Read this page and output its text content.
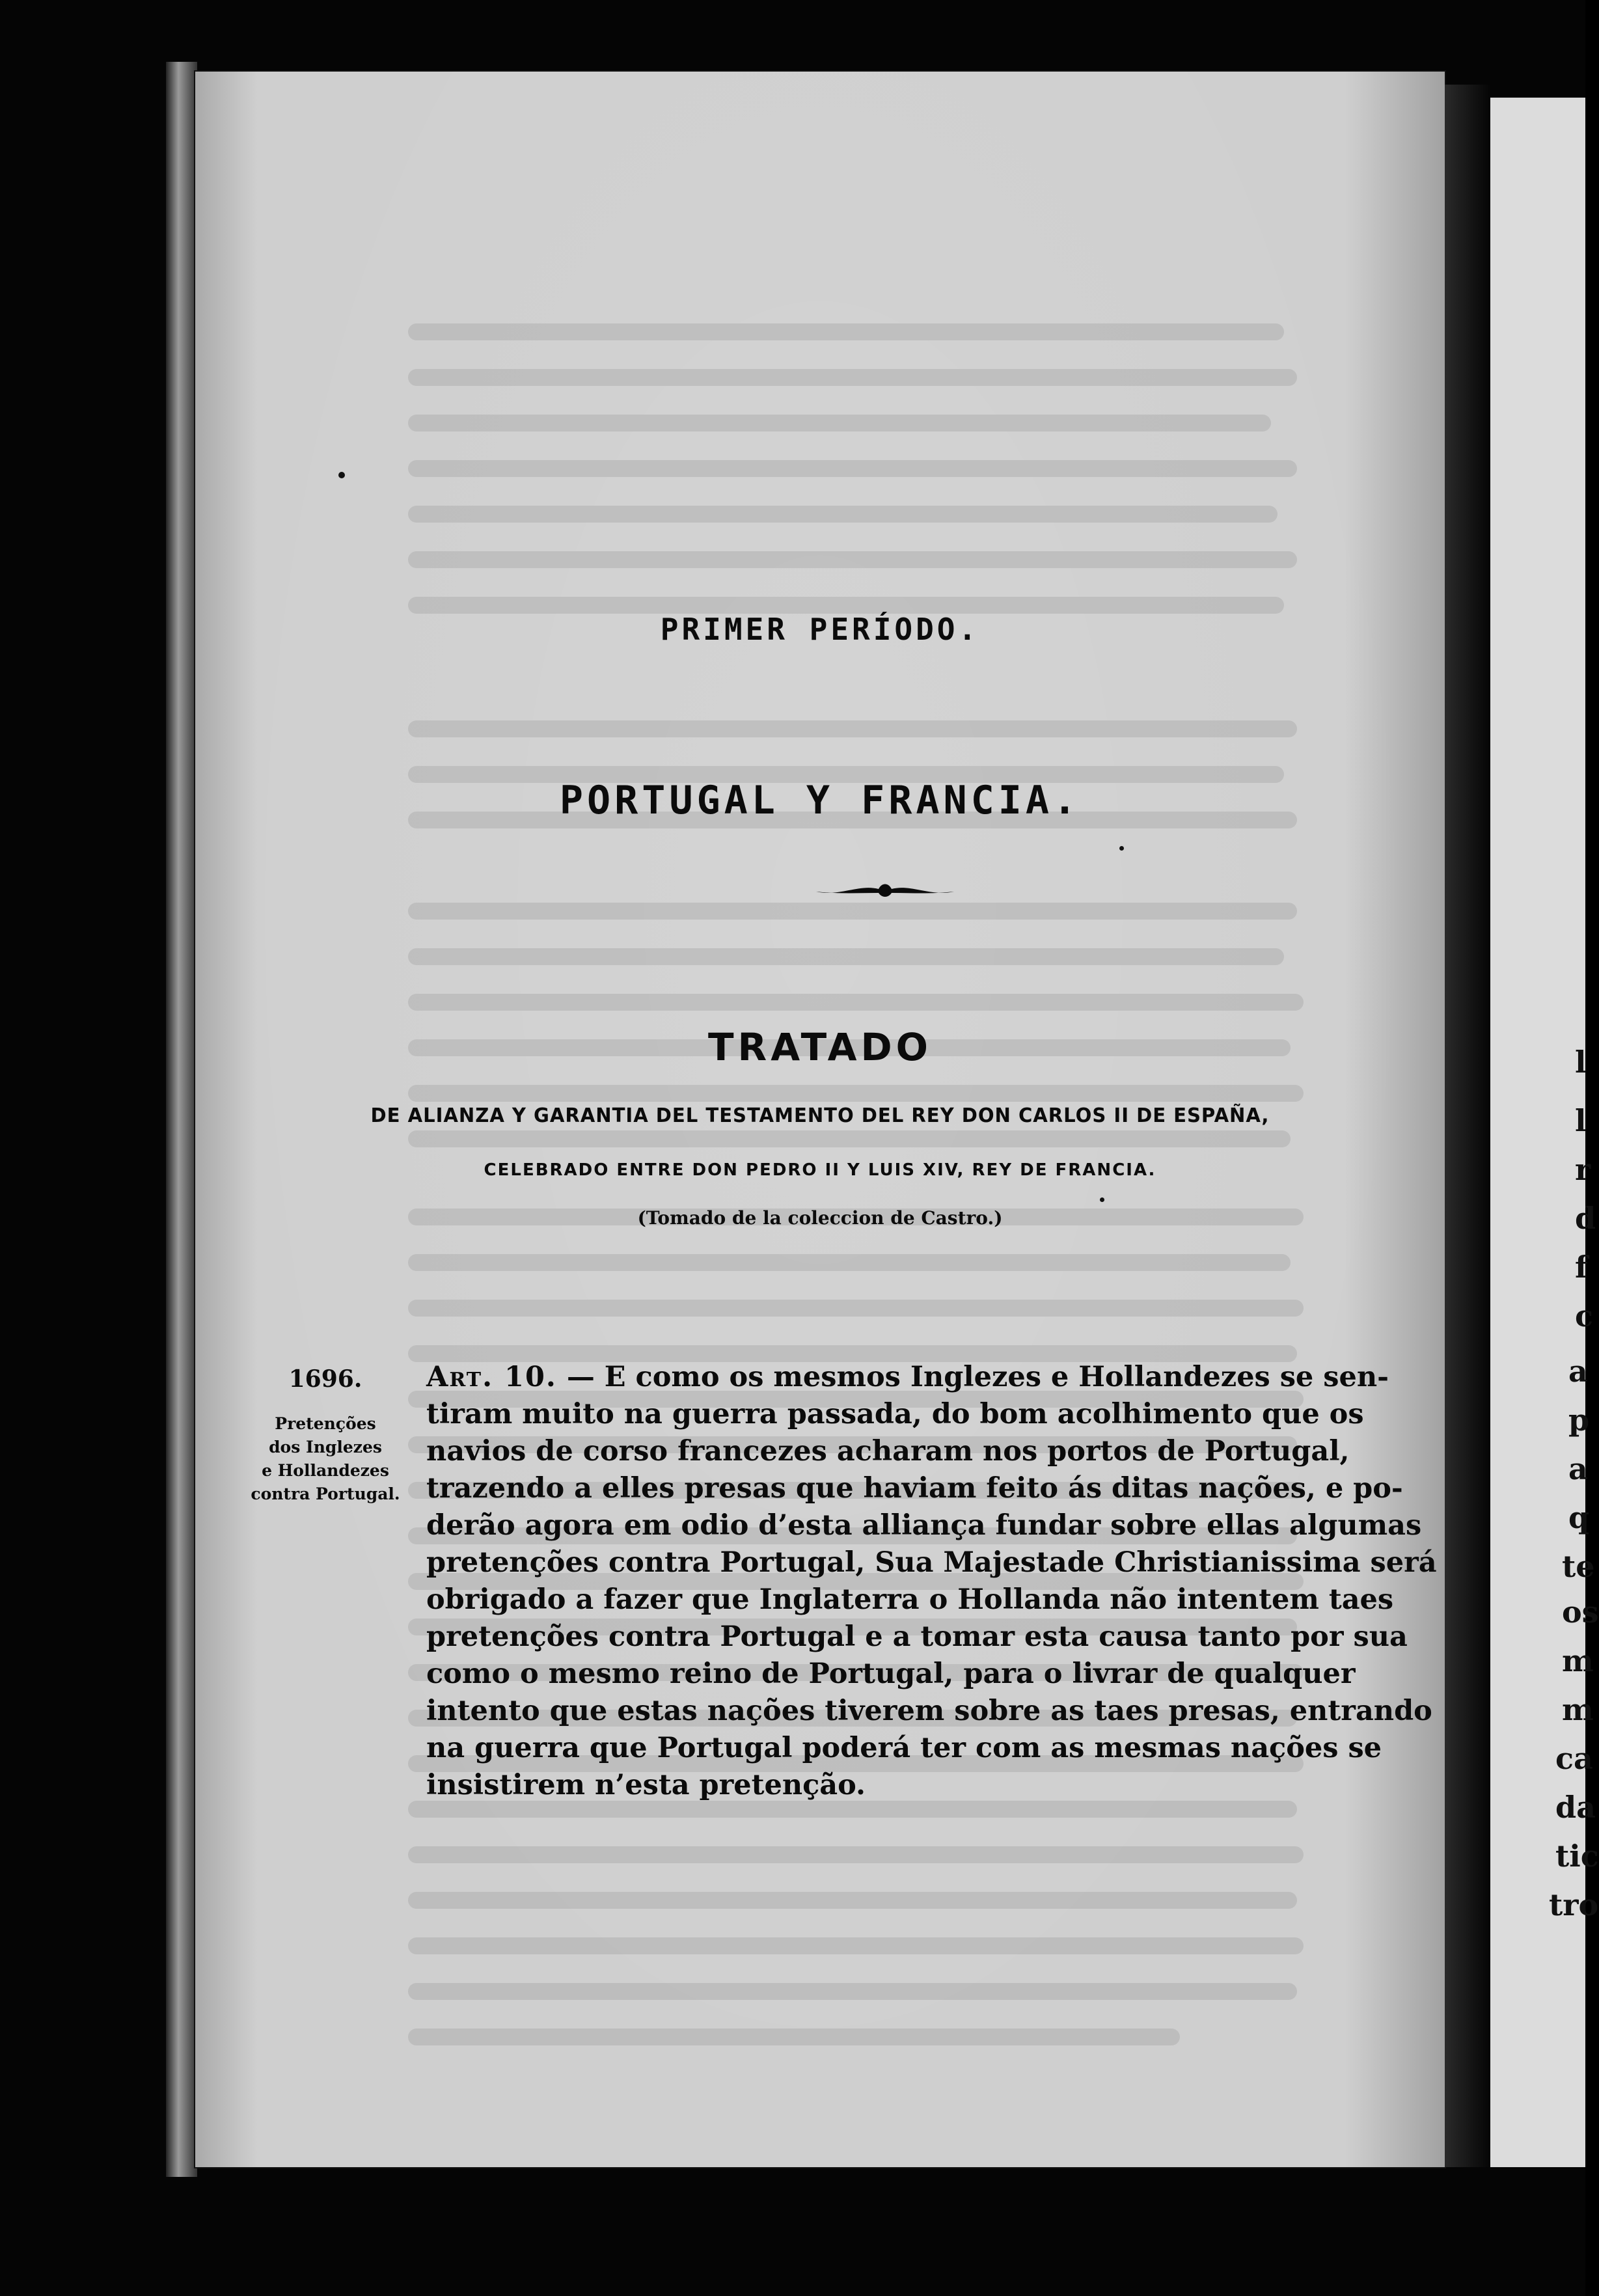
PRIMER PERÍODO.
PORTUGAL Y FRANCIA.
TRATADO
DE ALIANZA Y GARANTIA DEL TESTAMENTO DEL REY DON CARLOS II DE ESPAÑA,
CELEBRADO ENTRE DON PEDRO II Y LUIS XIV, REY DE FRANCIA.
(Tomado de la coleccion de Castro.)
1696.
Pretenções
dos Inglezes
e Hollandezes
contra Portugal.
Art. 10. — E como os mesmos Inglezes e Hollandezes se sen-
tiram muito na guerra passada, do bom acolhimento que os
navios de corso francezes acharam nos portos de Portugal,
trazendo a elles presas que haviam feito ás ditas nações, e po-
derão agora em odio d’esta alliança fundar sobre ellas algumas
pretenções contra Portugal, Sua Majestade Christianissima será
obrigado a fazer que Inglaterra o Hollanda não intentem taes
pretenções contra Portugal e a tomar esta causa tanto por sua
como o mesmo reino de Portugal, para o livrar de qualquer
intento que estas nações tiverem sobre as taes presas, entrando
na guerra que Portugal poderá ter com as mesmas nações se
insistirem n’esta pretenção.
l
l
r
d
f
c
a
p
a
q
te
os
m
m
ca
da
tic
tro
